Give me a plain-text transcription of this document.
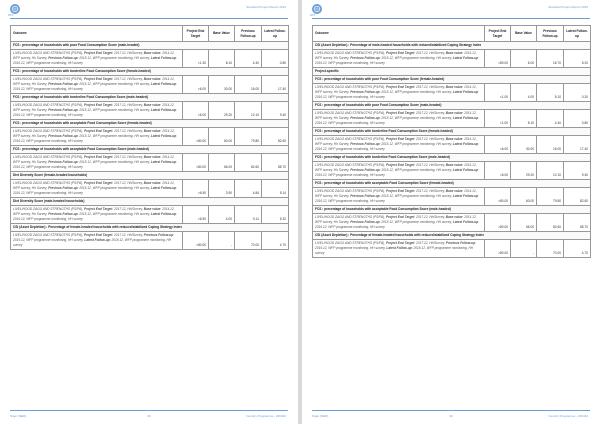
WFP
Standard Project Report 2015
Outcome	Project End Target	Base Value	Previous Follow-up	Latest Follow-up
FCS : percentage of households with poor Food Consumption Score (male-headed)				
LIVELIHOOD ZAGO AND STRENGTHS (PS/PA), Project End Target: 2017.12, Hh/Survey, Base value: 2014.12, WFP survey, Hh Survey, Previous Follow-up: 2015.12, WFP programme monitoring, HH survey, Latest Follow-up: 2016.12, WFP programme monitoring, HH survey	<1.30	8.10	4.40	0.80
FCS : percentage of households with borderline Food Consumption Score (female-headed)				
LIVELIHOOD ZAGO AND STRENGTHS (PS/PA), Project End Target: 2017.12, Hh/Survey, Base value: 2014.12, WFP survey, Hh Survey, Previous Follow-up: 2015.12, WFP programme monitoring, HH survey, Latest Follow-up: 2016.12, WFP programme monitoring, HH survey	<6.00	30.00	16.00	17.40
FCS : percentage of households with borderline Food Consumption Score (male-headed)				
LIVELIHOOD ZAGO AND STRENGTHS (PS/PA), Project End Target: 2017.12, Hh/Survey, Base value: 2014.12, WFP survey, Hh Survey, Previous Follow-up: 2015.12, WFP programme monitoring, HH survey, Latest Follow-up: 2016.12, WFP programme monitoring, HH survey	<6.00	29.20	12.10	9.40
FCS : percentage of households with acceptable Food Consumption Score (female-headed)				
LIVELIHOOD ZAGO AND STRENGTHS (PS/PA), Project End Target: 2017.12, Hh/Survey, Base value: 2014.12, WFP survey, Hh Survey, Previous Follow-up: 2015.12, WFP programme monitoring, HH survey, Latest Follow-up: 2016.12, WFP programme monitoring, HH survey	>80.00	60.00	79.80	82.60
FCS : percentage of households with acceptable Food Consumption Score (male-headed)				
LIVELIHOOD ZAGO AND STRENGTHS (PS/PA), Project End Target: 2017.12, Hh/Survey, Base value: 2014.12, WFP survey, Hh Survey, Previous Follow-up: 2015.12, WFP programme monitoring, HH survey, Latest Follow-up: 2016.12, WFP programme monitoring, HH survey	>80.00	66.00	82.60	85.70
Diet Diversity Score (female-headed households)				
LIVELIHOOD ZAGO AND STRENGTHS (PS/PA), Project End Target: 2017.12, Hh/Survey, Base value: 2014.12, WFP survey, Hh Survey, Previous Follow-up: 2015.12, WFP programme monitoring, HH survey, Latest Follow-up: 2016.12, WFP programme monitoring, HH survey	>6.50	3.90	4.84	5.14
Diet Diversity Score (male-headed households)				
LIVELIHOOD ZAGO AND STRENGTHS (PS/PA), Project End Target: 2017.12, Hh/Survey, Base value: 2014.12, WFP survey, Hh Survey, Previous Follow-up: 2015.12, WFP programme monitoring, HH survey, Latest Follow-up: 2016.12, WFP programme monitoring, HH survey	>6.50	4.00	5.11	5.32
CSI (Asset Depletion) : Percentage of female-headed households with reduced/stabilized Coping Strategy Index				
LIVELIHOOD ZAGO AND STRENGTHS (PS/PA), Project End Target: 2017.12, Hh/Survey, Previous Follow-up: 2015.12, WFP programme monitoring, HH survey, Latest Follow-up: 2016.12, WFP programme monitoring, HH survey	>80.00	-	70.00	4.70
Niger (NER)	29	Country Programme - 200434
WFP
Standard Project Report 2015
Outcome	Project End Target	Base Value	Previous Follow-up	Latest Follow-up
CSI (Asset Depletion) : Percentage of male-headed households with reduced/stabilized Coping Strategy Index				
LIVELIHOOD ZAGO AND STRENGTHS (PS/PA), Project End Target: 2017.12, Hh/Survey, Base value: 2014.12, WFP survey, Hh Survey, Previous Follow-up: 2015.12, WFP programme monitoring, HH survey, Latest Follow-up: 2016.12, WFP programme monitoring, HH survey	>80.00	6.00	16.70	5.20
Project-specific				
FCS : percentage of households with poor Food Consumption Score (female-headed)				
LIVELIHOOD ZAGO AND STRENGTHS (PS/PA), Project End Target: 2017.12, Hh/Survey, Base value: 2014.12, WFP survey, Hh Survey, Previous Follow-up: 2015.12, WFP programme monitoring, HH survey, Latest Follow-up: 2016.12, WFP programme monitoring, HH survey	<1.00	4.00	8.10	0.20
FCS : percentage of households with poor Food Consumption Score (male-headed)				
LIVELIHOOD ZAGO AND STRENGTHS (PS/PA), Project End Target: 2017.12, Hh/Survey, Base value: 2014.12, WFP survey, Hh Survey, Previous Follow-up: 2015.12, WFP programme monitoring, HH survey, Latest Follow-up: 2016.12, WFP programme monitoring, HH survey	<1.00	8.10	4.40	0.80
FCS : percentage of households with borderline Food Consumption Score (female-headed)				
LIVELIHOOD ZAGO AND STRENGTHS (PS/PA), Project End Target: 2017.12, Hh/Survey, Base value: 2014.12, WFP survey, Hh Survey, Previous Follow-up: 2015.12, WFP programme monitoring, HH survey, Latest Follow-up: 2016.12, WFP programme monitoring, HH survey	<6.00	30.00	16.00	17.40
FCS : percentage of households with borderline Food Consumption Score (male-headed)				
LIVELIHOOD ZAGO AND STRENGTHS (PS/PA), Project End Target: 2017.12, Hh/Survey, Base value: 2014.12, WFP survey, Hh Survey, Previous Follow-up: 2015.12, WFP programme monitoring, HH survey, Latest Follow-up: 2016.12, WFP programme monitoring, HH survey	<6.00	29.20	12.10	9.40
FCS : percentage of households with acceptable Food Consumption Score (female-headed)				
LIVELIHOOD ZAGO AND STRENGTHS (PS/PA), Project End Target: 2017.12, Hh/Survey, Base value: 2014.12, WFP survey, Hh Survey, Previous Follow-up: 2015.12, WFP programme monitoring, HH survey, Latest Follow-up: 2016.12, WFP programme monitoring, HH survey	>80.00	60.00	79.80	82.60
FCS : percentage of households with acceptable Food Consumption Score (male-headed)				
LIVELIHOOD ZAGO AND STRENGTHS (PS/PA), Project End Target: 2017.12, Hh/Survey, Base value: 2014.12, WFP survey, Hh Survey, Previous Follow-up: 2015.12, WFP programme monitoring, HH survey, Latest Follow-up: 2016.12, WFP programme monitoring, HH survey	>80.00	66.00	82.60	85.70
CSI (Asset Depletion) : Percentage of female-headed households with reduced/stabilized Coping Strategy Index				
LIVELIHOOD ZAGO AND STRENGTHS (PS/PA), Project End Target: 2017.12, Hh/Survey, Previous Follow-up: 2015.12, WFP programme monitoring, HH survey, Latest Follow-up: 2016.12, WFP programme monitoring, HH survey	>80.00	-	70.00	4.70
Niger (NER)	30	Country Programme - 200434
